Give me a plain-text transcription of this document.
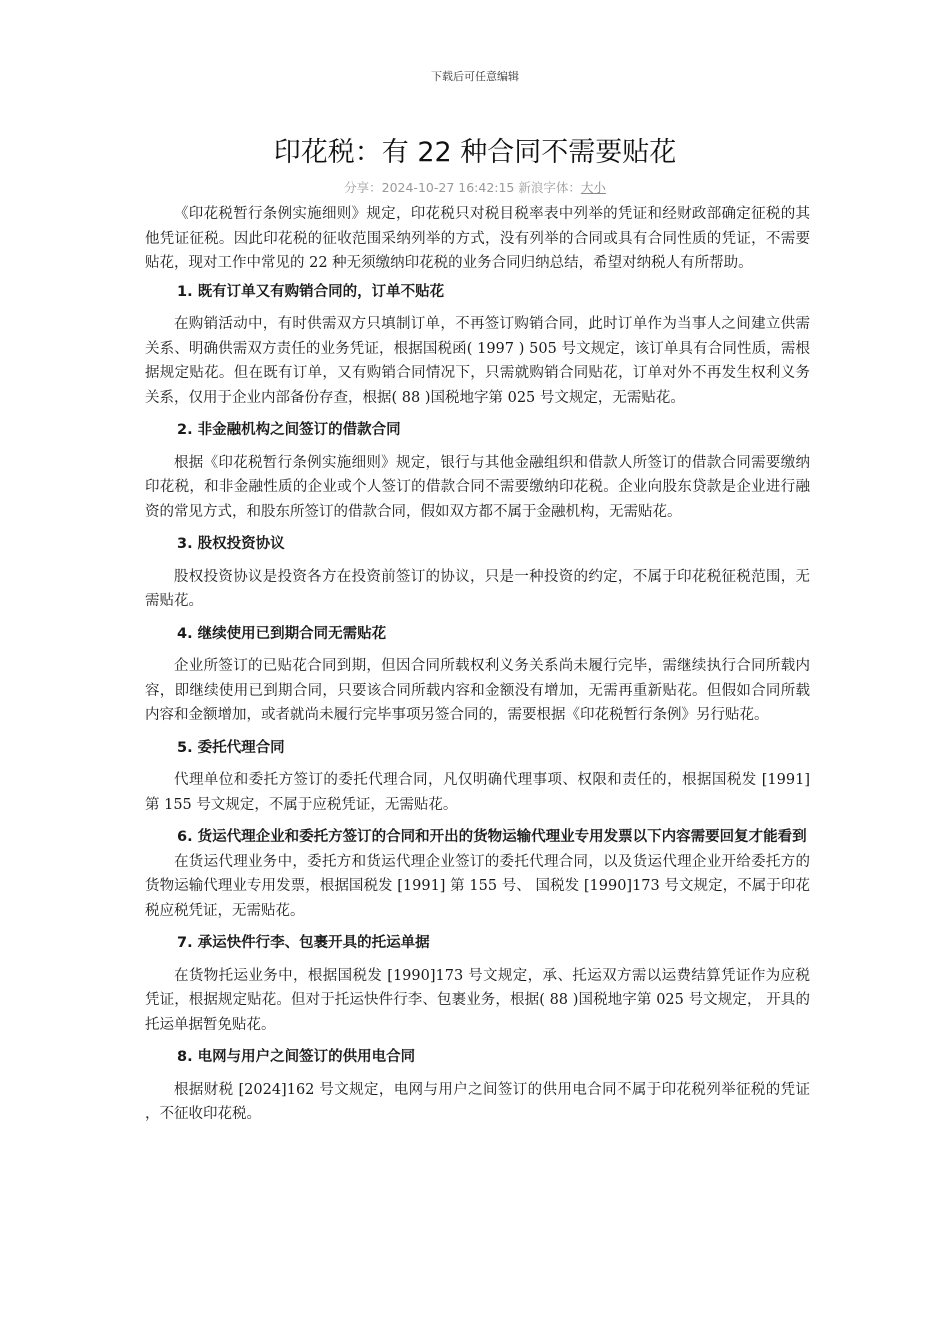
下载后可任意编辑
印花税：有 22 种合同不需要贴花
分享：2024-10-27 16:42:15 新浪字体：大小

《印花税暂行条例实施细则》规定，印花税只对税目税率表中列举的凭证和经财政部确定征税的其他凭证征税。因此印花税的征收范围采纳列举的方式，没有列举的合同或具有合同性质的凭证，不需要贴花，现对工作中常见的 22 种无须缴纳印花税的业务合同归纳总结，希望对纳税人有所帮助。

1. 既有订单又有购销合同的，订单不贴花

在购销活动中，有时供需双方只填制订单，不再签订购销合同，此时订单作为当事人之间建立供需关系、明确供需双方责任的业务凭证，根据国税函( 1997 ) 505 号文规定，该订单具有合同性质，需根据规定贴花。但在既有订单，又有购销合同情况下，只需就购销合同贴花，订单对外不再发生权利义务关系，仅用于企业内部备份存查，根据( 88 )国税地字第 025 号文规定，无需贴花。

2. 非金融机构之间签订的借款合同

根据《印花税暂行条例实施细则》规定，银行与其他金融组织和借款人所签订的借款合同需要缴纳印花税，和非金融性质的企业或个人签订的借款合同不需要缴纳印花税。企业向股东贷款是企业进行融资的常见方式，和股东所签订的借款合同，假如双方都不属于金融机构，无需贴花。

3. 股权投资协议

股权投资协议是投资各方在投资前签订的协议，只是一种投资的约定，不属于印花税征税范围，无需贴花。

4. 继续使用已到期合同无需贴花

企业所签订的已贴花合同到期，但因合同所载权利义务关系尚未履行完毕，需继续执行合同所载内容，即继续使用已到期合同，只要该合同所载内容和金额没有增加，无需再重新贴花。但假如合同所载内容和金额增加，或者就尚未履行完毕事项另签合同的，需要根据《印花税暂行条例》另行贴花。

5. 委托代理合同

代理单位和委托方签订的委托代理合同，凡仅明确代理事项、权限和责任的，根据国税发 [1991] 第 155 号文规定，不属于应税凭证，无需贴花。

6. 货运代理企业和委托方签订的合同和开出的货物运输代理业专用发票以下内容需要回复才能看到

在货运代理业务中，委托方和货运代理企业签订的委托代理合同，以及货运代理企业开给委托方的货物运输代理业专用发票，根据国税发 [1991] 第 155 号、 国税发 [1990]173 号文规定，不属于印花税应税凭证，无需贴花。

7. 承运快件行李、包裹开具的托运单据

在货物托运业务中，根据国税发 [1990]173 号文规定，承、托运双方需以运费结算凭证作为应税凭证，根据规定贴花。但对于托运快件行李、包裹业务，根据( 88 )国税地字第 025 号文规定， 开具的托运单据暂免贴花。

8. 电网与用户之间签订的供用电合同

根据财税 [2024]162 号文规定，电网与用户之间签订的供用电合同不属于印花税列举征税的凭证 ，不征收印花税。
